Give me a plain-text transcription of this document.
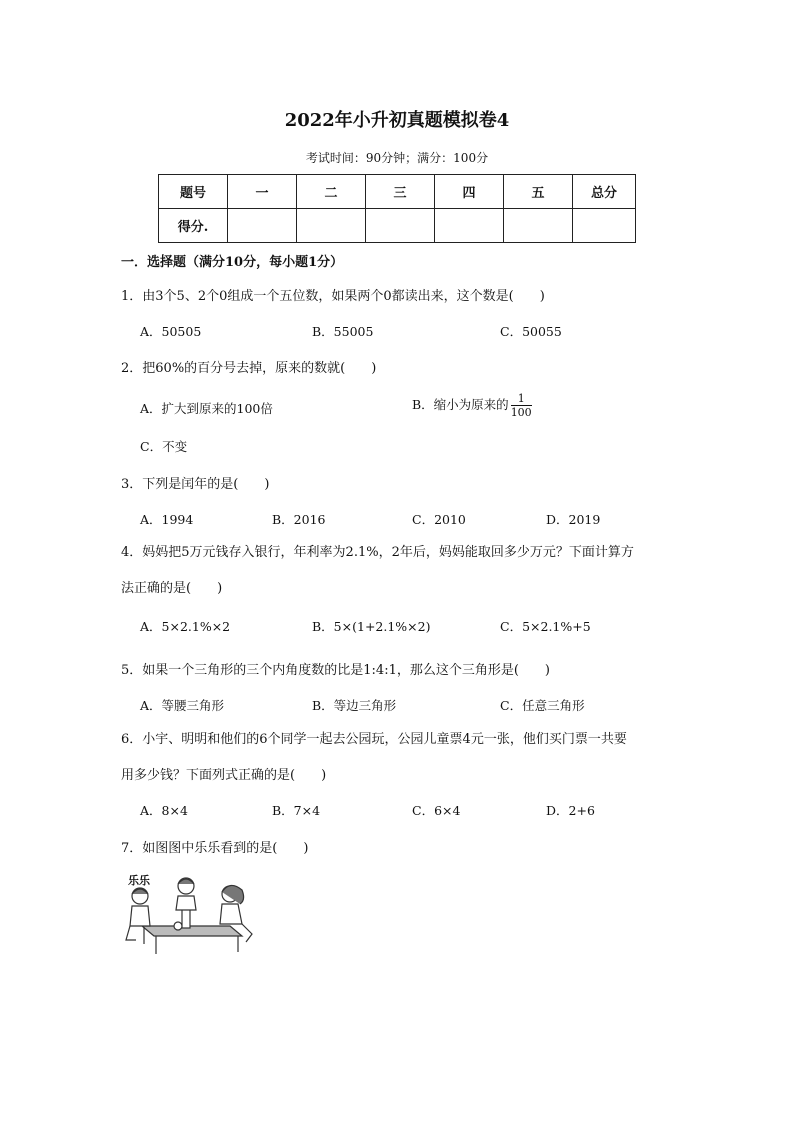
2022年小升初真题模拟卷4
考试时间：90分钟；满分：100分
题号	一	二	三	四	五	总分
得分.						
一．选择题（满分10分，每小题1分）
1．由3个5、2个0组成一个五位数，如果两个0都读出来，这个数是(　　)
A．50505	B．55005	C．50055
2．把60%的百分号去掉，原来的数就(　　)
A．扩大到原来的100倍	B．缩小为原来的 $\frac{1}{100}$
C．不变
3．下列是闰年的是(　　)
A．1994	B．2016	C．2010	D．2019
4．妈妈把5万元钱存入银行，年利率为2.1%，2年后，妈妈能取回多少万元？下面计算方
法正确的是(　　)
A．5×2.1%×2	B．5×(1+2.1%×2)	C．5×2.1%+5
5．如果一个三角形的三个内角度数的比是1:4:1，那么这个三角形是(　　)
A．等腰三角形	B．等边三角形	C．任意三角形
6．小宇、明明和他们的6个同学一起去公园玩，公园儿童票4元一张，他们买门票一共要
用多少钱？下面列式正确的是(　　)
A．8×4	B．7×4	C．6×4	D．2+6
7．如图图中乐乐看到的是(　　)
乐乐
